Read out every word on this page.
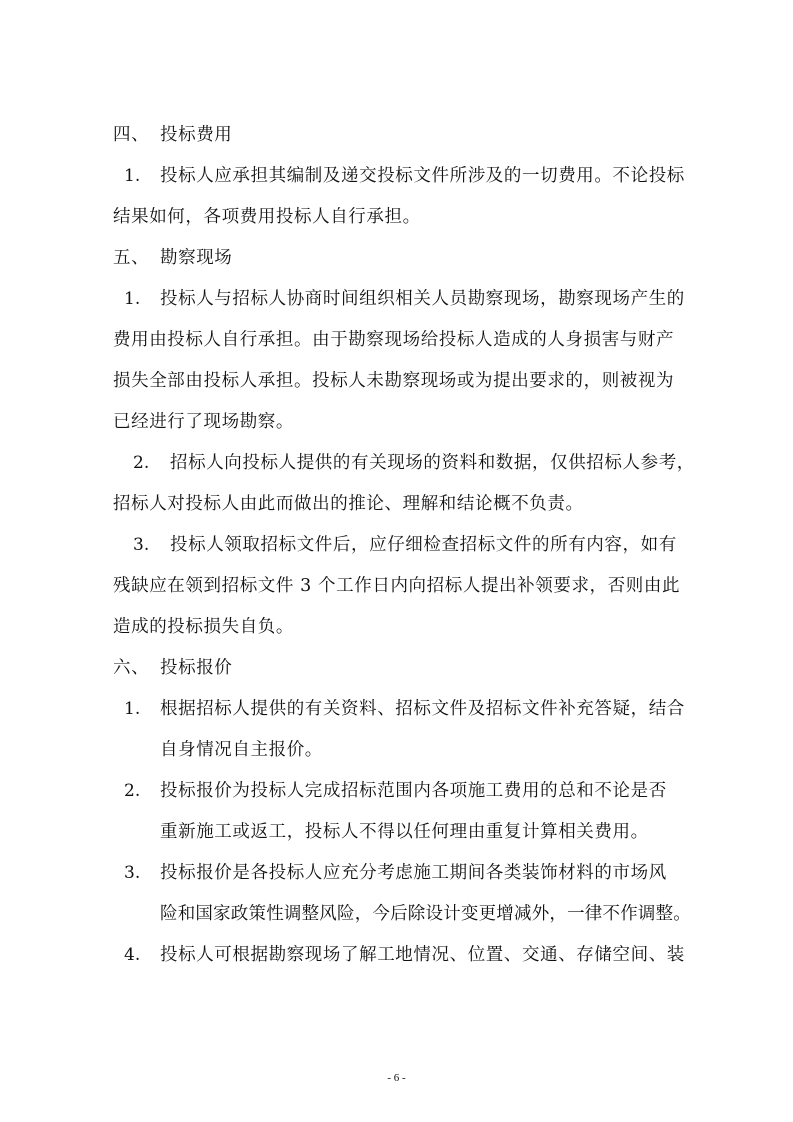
四、 投标费用
1. 投标人应承担其编制及递交投标文件所涉及的一切费用。不论投标
结果如何，各项费用投标人自行承担。
五、 勘察现场
1. 投标人与招标人协商时间组织相关人员勘察现场，勘察现场产生的
费用由投标人自行承担。由于勘察现场给投标人造成的人身损害与财产
损失全部由投标人承担。投标人未勘察现场或为提出要求的，则被视为
已经进行了现场勘察。
2. 招标人向投标人提供的有关现场的资料和数据，仅供招标人参考，
招标人对投标人由此而做出的推论、理解和结论概不负责。
3. 投标人领取招标文件后，应仔细检查招标文件的所有内容，如有
残缺应在领到招标文件 3 个工作日内向招标人提出补领要求，否则由此
造成的投标损失自负。
六、 投标报价
1. 根据招标人提供的有关资料、招标文件及招标文件补充答疑，结合
自身情况自主报价。
2. 投标报价为投标人完成招标范围内各项施工费用的总和不论是否
重新施工或返工，投标人不得以任何理由重复计算相关费用。
3. 投标报价是各投标人应充分考虑施工期间各类装饰材料的市场风
险和国家政策性调整风险，今后除设计变更增减外，一律不作调整。
4. 投标人可根据勘察现场了解工地情况、位置、交通、存储空间、装
- 6 -
